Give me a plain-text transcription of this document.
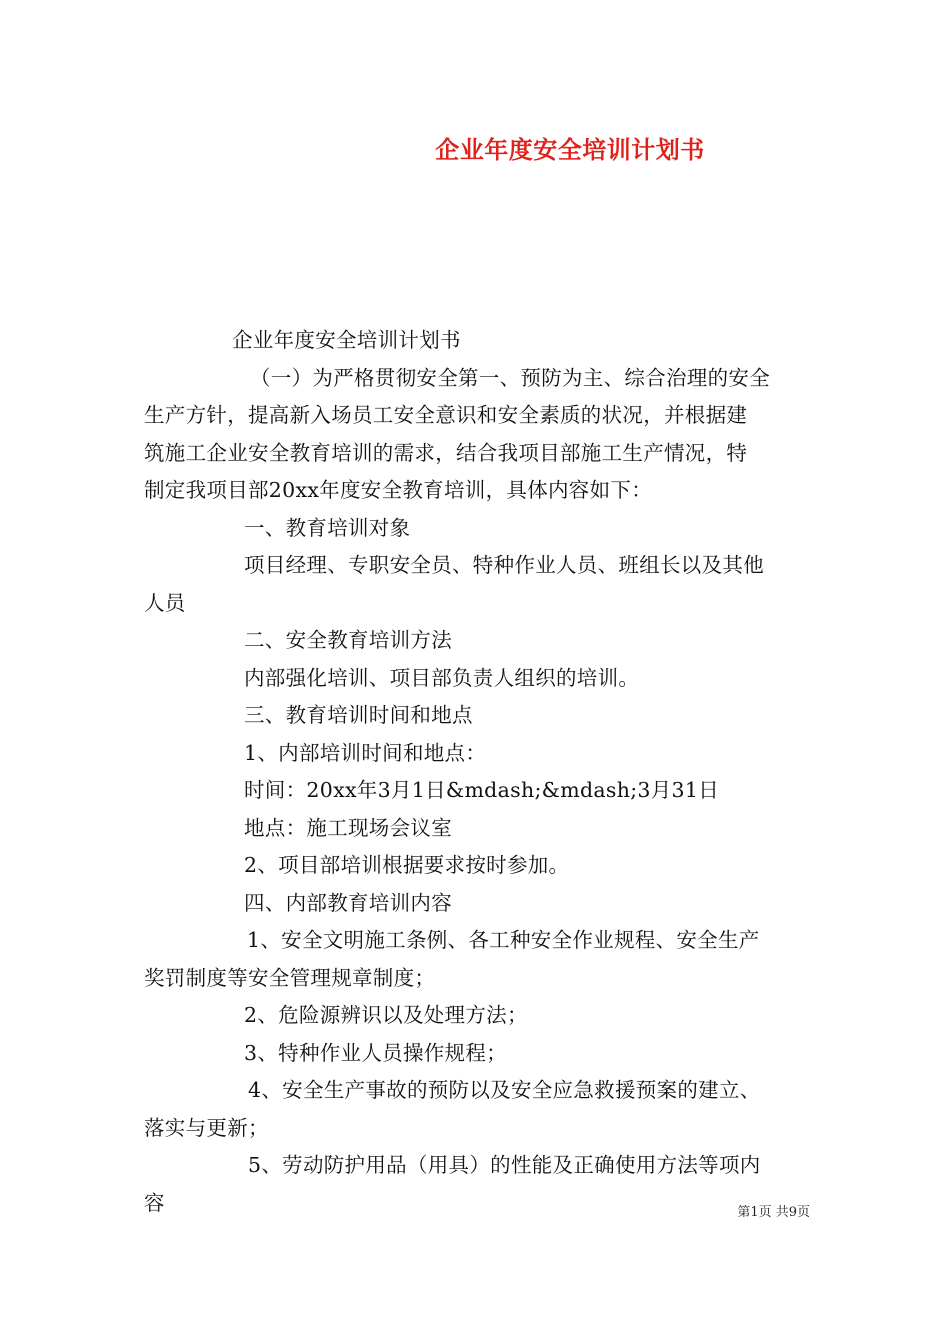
企业年度安全培训计划书
企业年度安全培训计划书
（一）为严格贯彻安全第一、预防为主、综合治理的安全
生产方针，提高新入场员工安全意识和安全素质的状况，并根据建
筑施工企业安全教育培训的需求，结合我项目部施工生产情况，特
制定我项目部20xx年度安全教育培训，具体内容如下：
一、教育培训对象
项目经理、专职安全员、特种作业人员、班组长以及其他
人员
二、安全教育培训方法
内部强化培训、项目部负责人组织的培训。
三、教育培训时间和地点
1、内部培训时间和地点：
时间：20xx年3月1日&mdash;&mdash;3月31日
地点：施工现场会议室
2、项目部培训根据要求按时参加。
四、内部教育培训内容
1、安全文明施工条例、各工种安全作业规程、安全生产
奖罚制度等安全管理规章制度；
2、危险源辨识以及处理方法；
3、特种作业人员操作规程；
4、安全生产事故的预防以及安全应急救援预案的建立、
落实与更新；
5、劳动防护用品（用具）的性能及正确使用方法等项内
容	第1页 共9页
